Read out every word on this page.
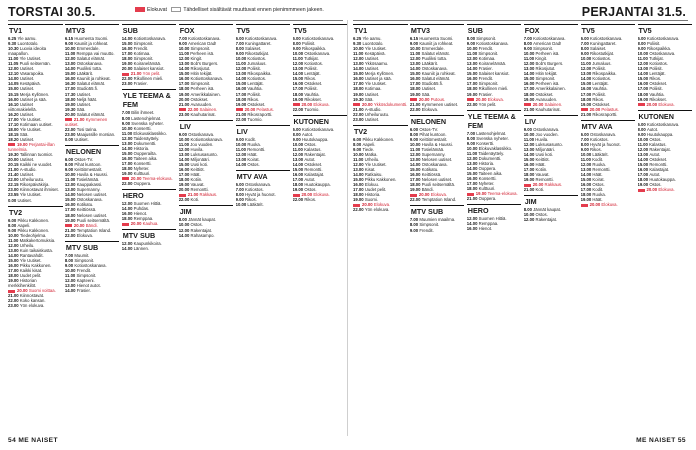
TORSTAI 30.5.	Elokuvat	Tähdelliset sisältävät muuttuvat ennen pienimmmeen jakeen.	PERJANTAI 31.5.
TV1

6.25 Yle aamu.

9.30 Luontotalo.

10.30 Luovia ideoita maapallon.

11.00 Yle Uutiset.

11.05 Puoli seitsemän.

12.00 Uutiset.

12.10 Vasarapoika.

14.00 Uutiset.

14.05 Kesäpäivä.

15.00 Uutiset.

15.15 Merja Kyllönen.

16.00 Uutiset ja sää.

16.10 Uutiset viittomakielellä.

16.20 Uutiset.

17.00 Yle Uutiset.

17.10 Kotimaan uutiset.

18.00 Yle Uutiset.

18.15 Sää.

18.20 Uutiset.

19.00 Perjantai-illan tunnelmia.

19.30 Tallinnan tuomiot.

20.00 Uutiset.

20.15 Kaikki ne vuodet.

21.00 A-studio.

21.40 Uutiset.

22.00 Urheiluruutu.

22.15 Rikospäiväkirja.

23.00 Kiinnostavat ihmiset.

23.55 Yle Uutiset.

0.00 Uutiset.

TV2

6.00 Pikku Kakkonen.

8.00 Aapeli.

9.00 Pikku Kakkonen.

10.00 Tiedeohjelma.

11.00 Matkakertomuksia.

12.00 Urheilu.

13.00 Kuin taikaiskusta.

14.00 Rantavahdit.

15.00 Yle Uutiset.

16.00 Pikku Kakkonen.

17.00 Kaikki kisat.

18.00 Uudet pelit.

19.00 Historian merkkihenkilöt.

20.00 Suomi voittaa.

21.00 Kiinnostavat.

22.00 Koko kansan.

23.00 Yön elokuva.

MTV3

6.15 Huomenta Suomi.

9.00 Kauniit ja rohkeat.

10.00 Emmerdale.

11.00 Remppa vai muutto.

12.00 Salatut elämät.

13.00 Ostoskanava.

14.00 Puoliksi totta.

15.00 Lääkärit.

16.00 Kauniit ja rohkeat.

16.30 Salatut elämät.

17.00 Studio55.fi.

17.30 Uutiset.

18.00 Neljä häät.

19.00 Uutiset.

19.30 Sää.

20.00 Salatut elämät.

21.00 Kymmenen uutiset.

22.00 Tosi tarina.

23.00 Maajussille morsian.

0.00 Uutiset.

NELONEN

6.00 Ostos-TV.

8.00 Pihat kuntoon.

9.00 Keittiömestarit.

10.00 Huvila & Huussi.

11.00 Tosielämää.

12.00 Kauppakassi.

13.00 Supernanny.

14.00 Nelosen uutiset.

15.00 Ostoskanava.

16.00 Kotikatu.

17.00 Keittiössä.

18.00 Nelosen uutiset.

19.00 Puoli seitsemältä.

20.00 Bändi.

21.00 Temptation Island.

22.00 Elokuva.

MTV SUB

7.00 Muumit.

8.00 Simpsonit.

9.00 Kotiostoskanava.

10.00 Frendit.

11.00 Simpsonit.

12.00 Kapteeni.

13.00 Hienot autot.

14.00 Frasier.

SUB

14.00 Kotiostoskanava.

15.00 Simpsonit.

16.00 Frendit.

17.00 Kotimaa.

18.00 Simpsonit.

19.00 Koiranelämää.

20.00 Salaiset kansiot.

21.00 Yön pelit.

22.00 Rikollinen mieli.

23.00 Frasier.

YLE TEEMA & FEM

7.00 Bilin ihmeet.

8.00 Lastenohjelmat.

9.00 Svenska nyheter.

10.00 Konsertti.

11.00 Elokuvaklassikko.

12.00 Taidenäyttely.

13.00 Dokumentti.

14.00 Historia.

15.00 Oopperailta.

16.00 Taiteen aika.

17.00 Konsertti.

18.00 Nyheter.

19.00 Kulttuuri.

20.00 Teema-elokuva.

22.00 Ooppera.

HERO

12.00 Suomen Hittiä.

14.00 Puhdas.

16.00 Hienot.

18.00 Remppaa.

20.00 Kauhua.

MTV SUB

12.00 Kaupunkikoira.

14.00 Lännen.

FOX

7.00 Kotiostoskanava.

9.00 American Dad!

10.00 Simpsonit.

11.00 Perheen isä.

12.00 Kingit.

13.00 Bob's Burgers.

14.00 Rikosjutut.

15.00 Hitin tekijät.

16.00 Kotiostoskanava.

17.00 Simpsonit.

18.00 Perheen isä.

19.00 Amerikkalainen.

20.00 Ostokset.

21.00 Avaruuden.

22.00 Salainen.

23.00 Kauhutarinat.

LIV

9.00 Ostoskanava.

10.00 Kotiostoskanava.

11.00 Joo vuoden.

12.00 Huvila.

13.00 Luksusasunto.

14.00 Miljonääri.

15.00 Uusi koti.

16.00 Keittiöt.

17.00 Häät.

18.00 Kotiin.

19.00 Vauvat.

20.00 Remontti.

21.00 Rakkaus.

22.00 Koti.

JIM

8.00 Jännät kaupat.

10.00 Ostos.

12.00 Rakentajat.

14.00 Rahasampo.

TV5

6.00 Kotiostoskanava.

7.00 Kuningattaret.

8.00 Salaiset.

9.00 Rikostutkijat.

10.00 Kotiostos.

11.00 Jumaluus.

12.00 Poliisit.

13.00 Rikospaikka.

14.00 Kotiostos.

15.00 Lentäjät.

16.00 Vauhtia.

17.00 Poliisit.

18.00 Rikos.

19.00 Ostokset.

20.00 Pelastus.

21.00 Rikosraportti.

22.00 Tuomio.

LIV

9.00 Kodit.

10.00 Ruoka.

11.00 Remontti.

12.00 Häät.

13.00 Koirat.

14.00 Ostos.

MTV AVA

6.00 Ostoskanava.

7.00 Kotiostos.

8.00 Hyvät ja huonot.

9.00 Rikos.

10.00 Lääkärit.

TV5

6.00 Kotiostoskanava.

8.00 Poliisit.

9.00 Rikospaikka.

10.00 Ostoskanava.

11.00 Tutkijat.

12.00 Kotiostos.

13.00 Poliisit.

14.00 Lentäjät.

15.00 Rikos.

16.00 Ostokset.

17.00 Poliisit.

18.00 Vauhtia.

19.00 Rikokset.

20.00 Elokuva.

22.00 Tuomio.

KUTONEN

6.00 Kotiostoskanava.

8.00 Autot.

9.00 Huutokauppa.

10.00 Ostos.

11.00 Kalastus.

12.00 Rakentajat.

13.00 Autot.

14.00 Ostokset.

15.00 Remontti.

16.00 Kalastajat.

17.00 Autot.

18.00 Huutokauppa.

19.00 Ostos.

20.00 Elokuva.

22.00 Rikos.

TV1

6.25 Yle aamu.

9.30 Luontotalo.

10.00 Yle Uutiset.

11.00 Kesäpäivä.

12.00 Uutiset.

13.00 Ykkösaamu.

14.00 Uutiset.

15.00 Merja Kyllönen.

16.00 Uutiset ja sää.

17.00 Yle Uutiset.

18.00 Kotimaa.

19.00 Uutiset.

19.30 Sää.

20.00 Ykkösdokumentti.

21.00 A-studio.

22.00 Urheiluruutu.

23.00 Uutiset.

TV2

6.00 Pikku Kakkonen.

8.00 Aapeli.

9.00 Tiede.

10.00 Matka.

11.00 Urheilu.

12.00 Yle Uutiset.

13.00 Kisat.

14.00 Ratkaisu.

15.00 Pikku Kakkonen.

16.00 Elokuu.

17.00 Uudet pelit.

18.00 Historia.

19.00 Suomi.

20.00 Elokuva.

22.00 Yön elokuva.

MTV3

6.15 Huomenta Suomi.

9.00 Kauniit ja rohkeat.

10.00 Emmerdale.

11.00 Salatut elämät.

12.00 Puoliksi totta.

13.00 Lääkärit.

14.00 Ostoskanava.

15.00 Kauniit ja rohkeat.

16.00 Salatut elämät.

17.00 Studio55.fi.

18.00 Uutiset.

19.00 Sää.

20.00 Putous.

21.00 Kymmenen uutiset.

22.00 Elokuva.

NELONEN

6.00 Ostos-TV.

8.00 Pihat kuntoon.

9.00 Keittiömestarit.

10.00 Huvila & Huussi.

11.00 Tosielämää.

12.00 Supernanny.

13.00 Nelosen uutiset.

14.00 Ostoskanava.

15.00 Kotikatu.

16.00 Keittiössä.

17.00 Nelosen uutiset.

18.00 Puoli seitsemältä.

19.00 Bändi.

20.00 Elokuva.

22.00 Temptation Island.

MTV SUB

7.00 Muumien maailma.

8.00 Simpsonit.

9.00 Frendit.

SUB

8.00 Simpsonit.

9.00 Kotiostoskanava.

10.00 Frendit.

11.00 Simpsonit.

12.00 Kotimaa.

13.00 Koiranelämää.

14.00 Frasier.

15.00 Salaiset kansiot.

16.00 Frendit.

17.00 Simpsonit.

18.00 Rikollinen mieli.

19.00 Frasier.

20.00 Elokuva.

22.00 Yön pelit.

YLE TEEMA & FEM

7.00 Lastenohjelmat.

8.00 Svenska nyheter.

9.00 Konsertti.

10.00 Elokuvaklassikko.

11.00 Taidenäyttely.

12.00 Dokumentti.

13.00 Historia.

14.00 Ooppera.

15.00 Taiteen aika.

16.00 Konsertti.

17.00 Nyheter.

18.00 Kulttuuri.

19.00 Teema-elokuva.

21.00 Ooppera.

HERO

12.00 Suomen Hittiä.

14.00 Remppaa.

16.00 Hienot.

FOX

7.00 Kotiostoskanava.

8.00 American Dad!

9.00 Simpsonit.

10.00 Perheen isä.

11.00 Kingit.

12.00 Bob's Burgers.

13.00 Rikosjutut.

14.00 Hitin tekijät.

15.00 Simpsonit.

16.00 Perheen isä.

17.00 Amerikkalainen.

18.00 Ostokset.

19.00 Avaruuden.

20.00 Salainen.

21.00 Kauhutarinat.

LIV

9.00 Ostoskanava.

10.00 Joo vuoden.

11.00 Huvila.

12.00 Luksusasunto.

13.00 Miljonääri.

14.00 Uusi koti.

15.00 Keittiöt.

16.00 Häät.

17.00 Kotiin.

18.00 Vauvat.

19.00 Remontti.

20.00 Rakkaus.

21.00 Koti.

JIM

8.00 Jännät kaupat.

10.00 Ostos.

12.00 Rakentajat.

TV5

6.00 Kotiostoskanava.

7.00 Kuningattaret.

8.00 Salaiset.

9.00 Rikostutkijat.

10.00 Kotiostos.

11.00 Jumaluus.

12.00 Poliisit.

13.00 Rikospaikka.

14.00 Kotiostos.

15.00 Lentäjät.

16.00 Vauhtia.

17.00 Poliisit.

18.00 Rikos.

19.00 Ostokset.

20.00 Pelastus.

21.00 Rikosraportti.

MTV AVA

6.00 Ostoskanava.

7.00 Kotiostos.

8.00 Hyvät ja huonot.

9.00 Rikos.

10.00 Lääkärit.

11.00 Kodit.

12.00 Ruoka.

13.00 Remontti.

14.00 Häät.

15.00 Koirat.

16.00 Ostos.

17.00 Kodit.

18.00 Ruoka.

19.00 Häät.

20.00 Elokuva.

TV5

6.00 Kotiostoskanava.

8.00 Poliisit.

9.00 Rikospaikka.

10.00 Ostoskanava.

11.00 Tutkijat.

12.00 Kotiostos.

13.00 Poliisit.

14.00 Lentäjät.

15.00 Rikos.

16.00 Ostokset.

17.00 Poliisit.

18.00 Vauhtia.

19.00 Rikokset.

20.00 Elokuva.

KUTONEN

6.00 Kotiostoskanava.

8.00 Autot.

9.00 Huutokauppa.

10.00 Ostos.

11.00 Kalastus.

12.00 Rakentajat.

13.00 Autot.

14.00 Ostokset.

15.00 Remontti.

16.00 Kalastajat.

17.00 Autot.

18.00 Huutokauppa.

19.00 Ostos.

20.00 Elokuva.

54 ME NAISET	ME NAISET 55
